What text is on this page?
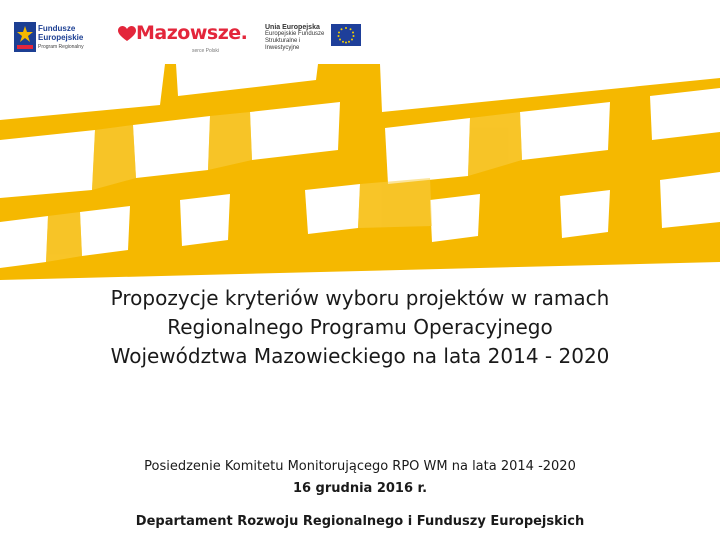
Fundusze
Europejskie
Program Regionalny
Mazowsze.
serce Polski
Unia Europejska
Europejskie Fundusze
Strukturalne i Inwestycyjne
Propozycje kryteriów wyboru projektów w ramach
Regionalnego Programu Operacyjnego
Województwa Mazowieckiego na lata 2014 - 2020
Posiedzenie Komitetu Monitorującego RPO WM na lata 2014 -2020
16 grudnia 2016 r.
Departament Rozwoju Regionalnego i Funduszy Europejskich
